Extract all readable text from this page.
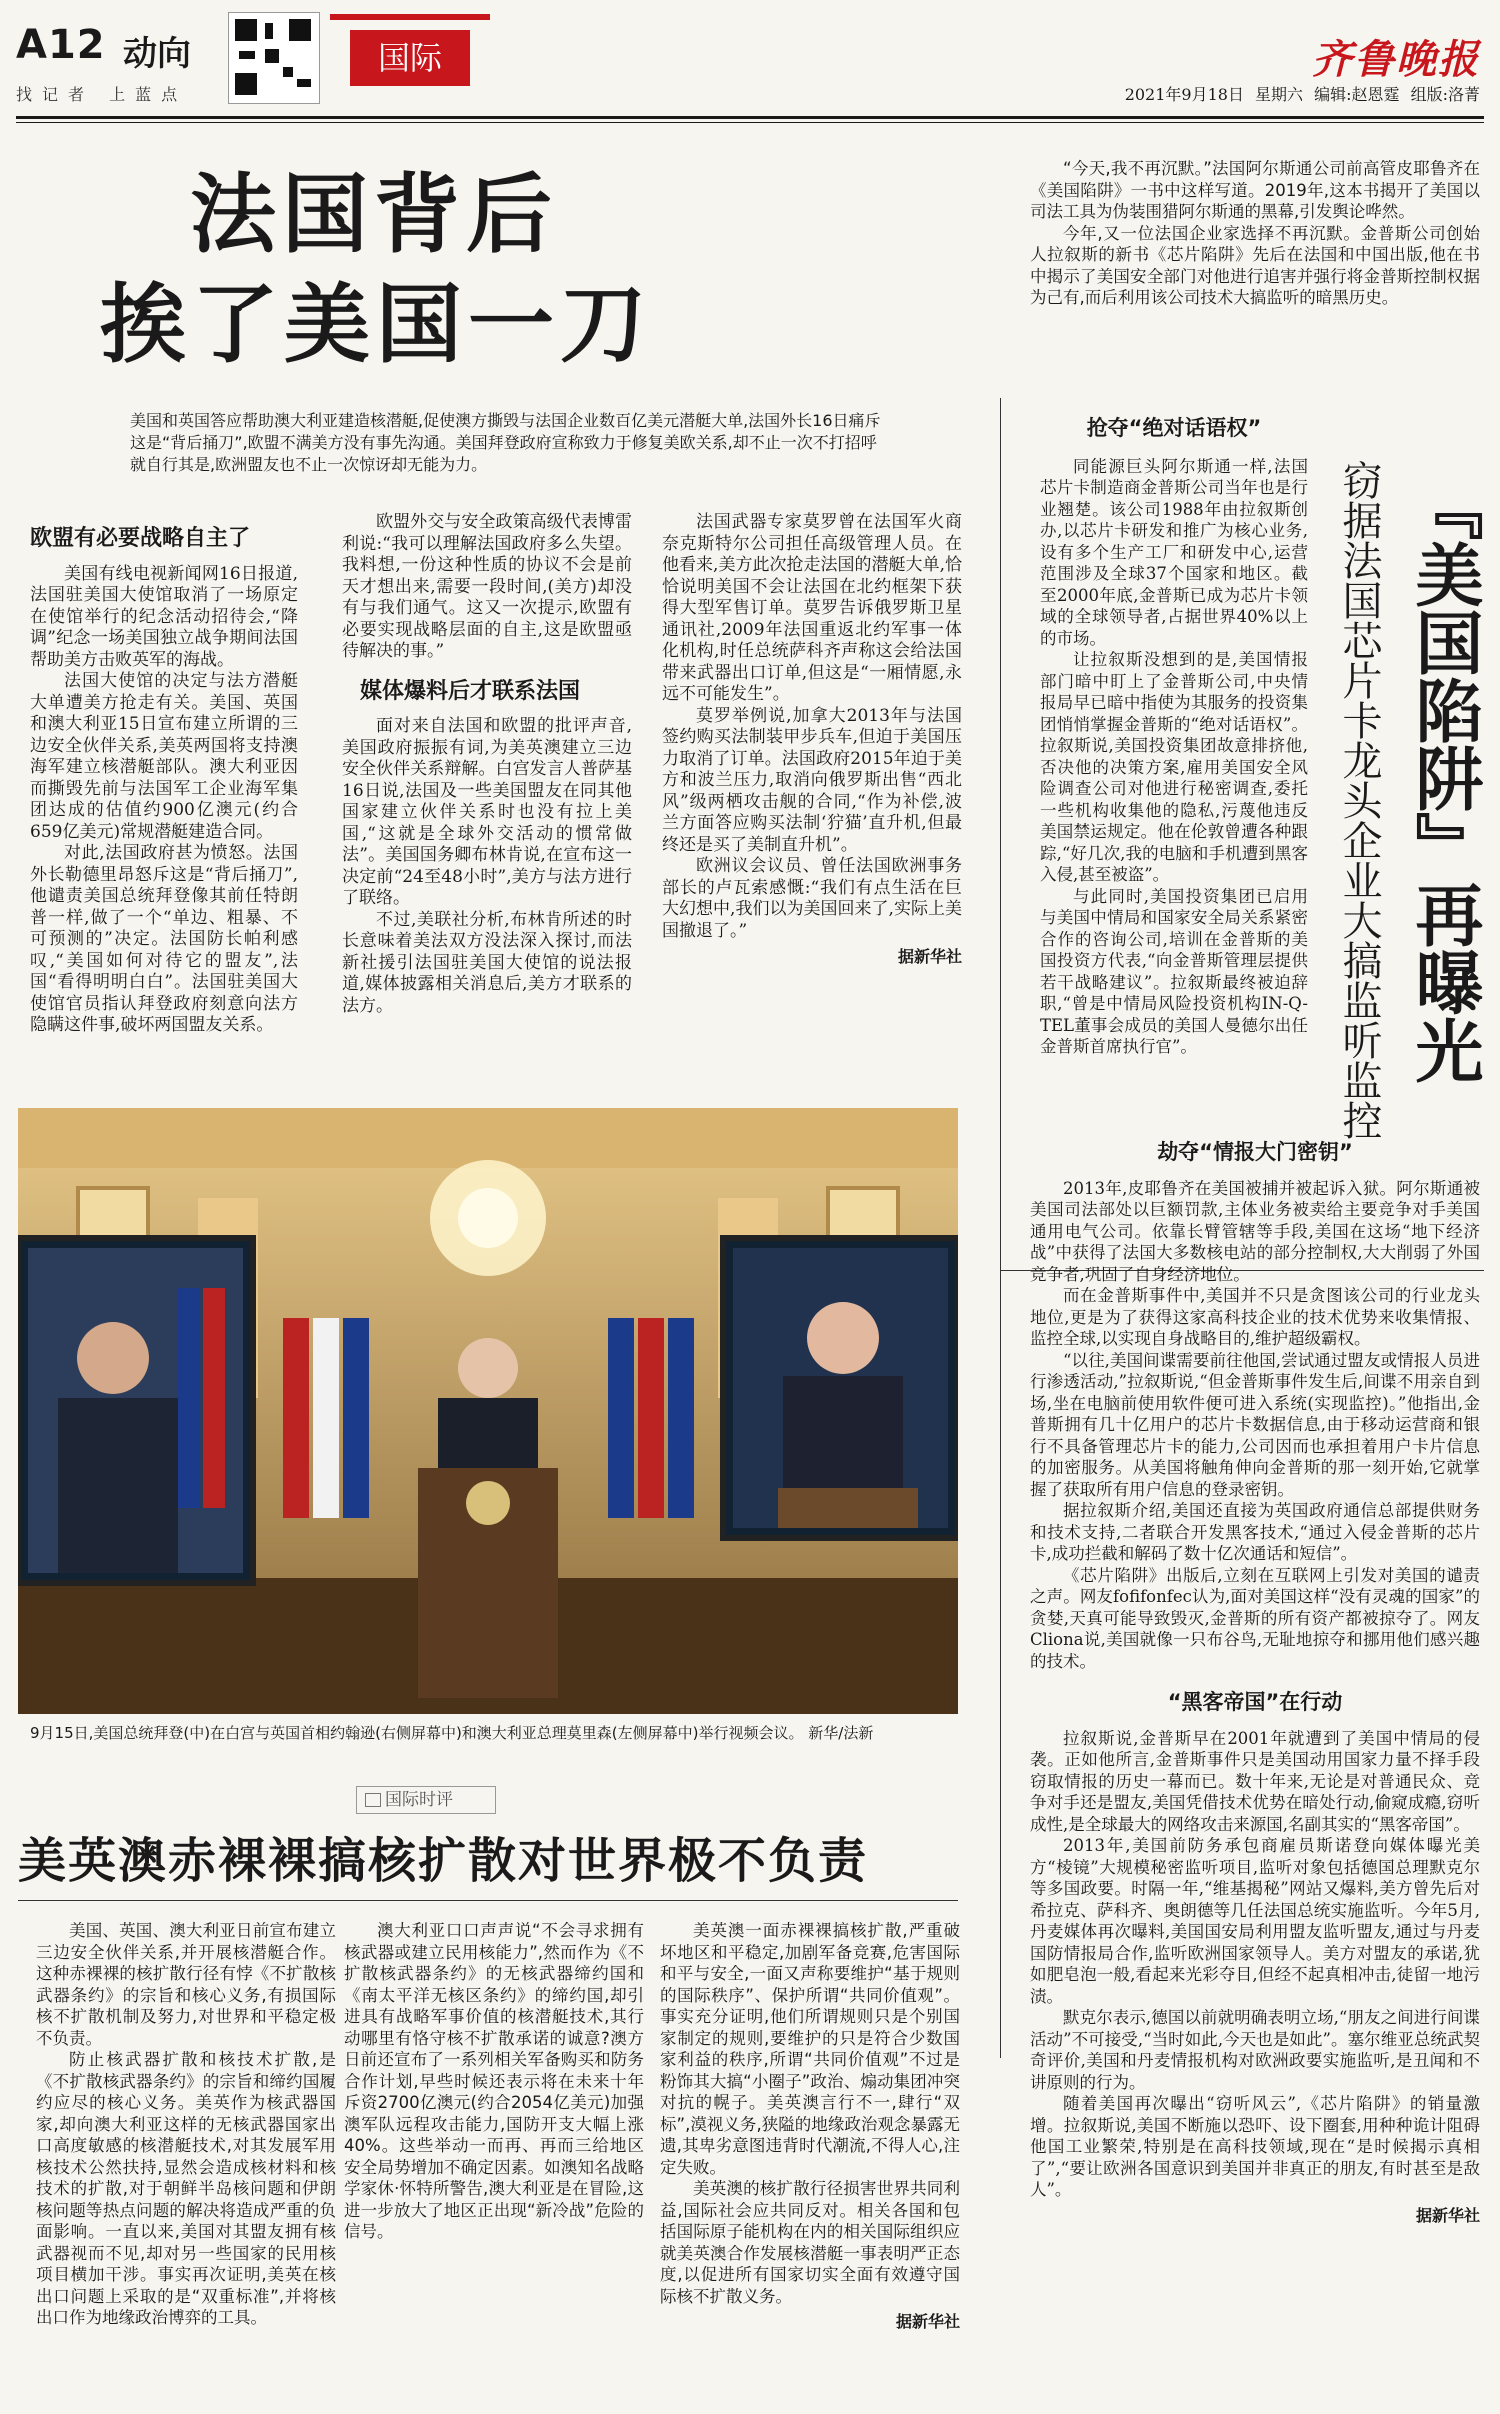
A12 动向
找记者 上蓝点
国际	齐鲁晚报
2021年9月18日 星期六 编辑:赵恩霆 组版:洛菁
法国背后
挨了美国一刀
美国和英国答应帮助澳大利亚建造核潜艇,促使澳方撕毁与法国企业数百亿美元潜艇大单,法国外长16日痛斥这是“背后捅刀”,欧盟不满美方没有事先沟通。美国拜登政府宣称致力于修复美欧关系,却不止一次不打招呼就自行其是,欧洲盟友也不止一次惊讶却无能为力。
欧盟有必要战略自主了

美国有线电视新闻网16日报道,法国驻美国大使馆取消了一场原定在使馆举行的纪念活动招待会,“降调”纪念一场美国独立战争期间法国帮助美方击败英军的海战。

法国大使馆的决定与法方潜艇大单遭美方抢走有关。美国、英国和澳大利亚15日宣布建立所谓的三边安全伙伴关系,美英两国将支持澳海军建立核潜艇部队。澳大利亚因而撕毁先前与法国军工企业海军集团达成的估值约900亿澳元(约合659亿美元)常规潜艇建造合同。

对此,法国政府甚为愤怒。法国外长勒德里昂怒斥这是“背后捅刀”,他谴责美国总统拜登像其前任特朗普一样,做了一个“单边、粗暴、不可预测的”决定。法国防长帕利感叹,“美国如何对待它的盟友”,法国“看得明明白白”。法国驻美国大使馆官员指认拜登政府刻意向法方隐瞒这件事,破坏两国盟友关系。

欧盟外交与安全政策高级代表博雷利说:“我可以理解法国政府多么失望。我料想,一份这种性质的协议不会是前天才想出来,需要一段时间,(美方)却没有与我们通气。这又一次提示,欧盟有必要实现战略层面的自主,这是欧盟亟待解决的事。”

媒体爆料后才联系法国

面对来自法国和欧盟的批评声音,美国政府振振有词,为美英澳建立三边安全伙伴关系辩解。白宫发言人普萨基16日说,法国及一些美国盟友在同其他国家建立伙伴关系时也没有拉上美国,“这就是全球外交活动的惯常做法”。美国国务卿布林肯说,在宣布这一决定前“24至48小时”,美方与法方进行了联络。

不过,美联社分析,布林肯所述的时长意味着美法双方没法深入探讨,而法新社援引法国驻美国大使馆的说法报道,媒体披露相关消息后,美方才联系的法方。

法国武器专家莫罗曾在法国军火商奈克斯特尔公司担任高级管理人员。在他看来,美方此次抢走法国的潜艇大单,恰恰说明美国不会让法国在北约框架下获得大型军售订单。莫罗告诉俄罗斯卫星通讯社,2009年法国重返北约军事一体化机构,时任总统萨科齐声称这会给法国带来武器出口订单,但这是“一厢情愿,永远不可能发生”。

莫罗举例说,加拿大2013年与法国签约购买法制装甲步兵车,但迫于美国压力取消了订单。法国政府2015年迫于美方和波兰压力,取消向俄罗斯出售“西北风”级两栖攻击舰的合同,“作为补偿,波兰方面答应购买法制‘狞猫’直升机,但最终还是买了美制直升机”。

欧洲议会议员、曾任法国欧洲事务部长的卢瓦索感慨:“我们有点生活在巨大幻想中,我们以为美国回来了,实际上美国撤退了。”

据新华社
9月15日,美国总统拜登(中)在白宫与英国首相约翰逊(右侧屏幕中)和澳大利亚总理莫里森(左侧屏幕中)举行视频会议。 新华/法新

“今天,我不再沉默。”法国阿尔斯通公司前高管皮耶鲁齐在《美国陷阱》一书中这样写道。2019年,这本书揭开了美国以司法工具为伪装围猎阿尔斯通的黑幕,引发舆论哗然。

今年,又一位法国企业家选择不再沉默。金普斯公司创始人拉叙斯的新书《芯片陷阱》先后在法国和中国出版,他在书中揭示了美国安全部门对他进行追害并强行将金普斯控制权据为己有,而后利用该公司技术大搞监听的暗黑历史。

『美国陷阱』再曝光
窃据法国芯片卡龙头企业大搞监听监控
抢夺“绝对话语权”

同能源巨头阿尔斯通一样,法国芯片卡制造商金普斯公司当年也是行业翘楚。该公司1988年由拉叙斯创办,以芯片卡研发和推广为核心业务,设有多个生产工厂和研发中心,运营范围涉及全球37个国家和地区。截至2000年底,金普斯已成为芯片卡领域的全球领导者,占据世界40%以上的市场。

让拉叙斯没想到的是,美国情报部门暗中盯上了金普斯公司,中央情报局早已暗中指使为其服务的投资集团悄悄掌握金普斯的“绝对话语权”。拉叙斯说,美国投资集团故意排挤他,否决他的决策方案,雇用美国安全风险调查公司对他进行秘密调查,委托一些机构收集他的隐私,污蔑他违反美国禁运规定。他在伦敦曾遭各种跟踪,“好几次,我的电脑和手机遭到黑客入侵,甚至被盗”。

与此同时,美国投资集团已启用与美国中情局和国家安全局关系紧密合作的咨询公司,培训在金普斯的美国投资方代表,“向金普斯管理层提供若干战略建议”。拉叙斯最终被迫辞职,“曾是中情局风险投资机构IN-Q-TEL董事会成员的美国人曼德尔出任金普斯首席执行官”。

劫夺“情报大门密钥”

2013年,皮耶鲁齐在美国被捕并被起诉入狱。阿尔斯通被美国司法部处以巨额罚款,主体业务被卖给主要竞争对手美国通用电气公司。依靠长臂管辖等手段,美国在这场“地下经济战”中获得了法国大多数核电站的部分控制权,大大削弱了外国竞争者,巩固了自身经济地位。

而在金普斯事件中,美国并不只是贪图该公司的行业龙头地位,更是为了获得这家高科技企业的技术优势来收集情报、监控全球,以实现自身战略目的,维护超级霸权。

“以往,美国间谍需要前往他国,尝试通过盟友或情报人员进行渗透活动,”拉叙斯说,“但金普斯事件发生后,间谍不用亲自到场,坐在电脑前使用软件便可进入系统(实现监控)。”他指出,金普斯拥有几十亿用户的芯片卡数据信息,由于移动运营商和银行不具备管理芯片卡的能力,公司因而也承担着用户卡片信息的加密服务。从美国将触角伸向金普斯的那一刻开始,它就掌握了获取所有用户信息的登录密钥。

据拉叙斯介绍,美国还直接为英国政府通信总部提供财务和技术支持,二者联合开发黑客技术,“通过入侵金普斯的芯片卡,成功拦截和解码了数十亿次通话和短信”。

《芯片陷阱》出版后,立刻在互联网上引发对美国的谴责之声。网友fofifonfec认为,面对美国这样“没有灵魂的国家”的贪婪,天真可能导致毁灭,金普斯的所有资产都被掠夺了。网友Cliona说,美国就像一只布谷鸟,无耻地掠夺和挪用他们感兴趣的技术。

“黑客帝国”在行动

拉叙斯说,金普斯早在2001年就遭到了美国中情局的侵袭。正如他所言,金普斯事件只是美国动用国家力量不择手段窃取情报的历史一幕而已。数十年来,无论是对普通民众、竞争对手还是盟友,美国凭借技术优势在暗处行动,偷窥成瘾,窃听成性,是全球最大的网络攻击来源国,名副其实的“黑客帝国”。

2013年,美国前防务承包商雇员斯诺登向媒体曝光美方“棱镜”大规模秘密监听项目,监听对象包括德国总理默克尔等多国政要。时隔一年,“维基揭秘”网站又爆料,美方曾先后对希拉克、萨科齐、奥朗德等几任法国总统实施监听。今年5月,丹麦媒体再次曝料,美国国安局利用盟友监听盟友,通过与丹麦国防情报局合作,监听欧洲国家领导人。美方对盟友的承诺,犹如肥皂泡一般,看起来光彩夺目,但经不起真相冲击,徒留一地污渍。

默克尔表示,德国以前就明确表明立场,“朋友之间进行间谍活动”不可接受,“当时如此,今天也是如此”。塞尔维亚总统武契奇评价,美国和丹麦情报机构对欧洲政要实施监听,是丑闻和不讲原则的行为。

随着美国再次曝出“窃听风云”,《芯片陷阱》的销量激增。拉叙斯说,美国不断施以恐吓、设下圈套,用种种诡计阻碍他国工业繁荣,特别是在高科技领域,现在“是时候揭示真相了”,“要让欧洲各国意识到美国并非真正的朋友,有时甚至是敌人”。

据新华社
国际时评
美英澳赤裸裸搞核扩散对世界极不负责

美国、英国、澳大利亚日前宣布建立三边安全伙伴关系,并开展核潜艇合作。这种赤裸裸的核扩散行径有悖《不扩散核武器条约》的宗旨和核心义务,有损国际核不扩散机制及努力,对世界和平稳定极不负责。

防止核武器扩散和核技术扩散,是《不扩散核武器条约》的宗旨和缔约国履约应尽的核心义务。美英作为核武器国家,却向澳大利亚这样的无核武器国家出口高度敏感的核潜艇技术,对其发展军用核技术公然扶持,显然会造成核材料和核技术的扩散,对于朝鲜半岛核问题和伊朗核问题等热点问题的解决将造成严重的负面影响。一直以来,美国对其盟友拥有核武器视而不见,却对另一些国家的民用核项目横加干涉。事实再次证明,美英在核出口问题上采取的是“双重标准”,并将核出口作为地缘政治博弈的工具。

澳大利亚口口声声说“不会寻求拥有核武器或建立民用核能力”,然而作为《不扩散核武器条约》的无核武器缔约国和《南太平洋无核区条约》的缔约国,却引进具有战略军事价值的核潜艇技术,其行动哪里有恪守核不扩散承诺的诚意?澳方日前还宣布了一系列相关军备购买和防务合作计划,早些时候还表示将在未来十年斥资2700亿澳元(约合2054亿美元)加强澳军队远程攻击能力,国防开支大幅上涨40%。这些举动一而再、再而三给地区安全局势增加不确定因素。如澳知名战略学家休·怀特所警告,澳大利亚是在冒险,这进一步放大了地区正出现“新冷战”危险的信号。

美英澳一面赤裸裸搞核扩散,严重破坏地区和平稳定,加剧军备竞赛,危害国际和平与安全,一面又声称要维护“基于规则的国际秩序”、保护所谓“共同价值观”。事实充分证明,他们所谓规则只是个别国家制定的规则,要维护的只是符合少数国家利益的秩序,所谓“共同价值观”不过是粉饰其大搞“小圈子”政治、煽动集团冲突对抗的幌子。美英澳言行不一,肆行“双标”,漠视义务,狭隘的地缘政治观念暴露无遗,其卑劣意图违背时代潮流,不得人心,注定失败。

美英澳的核扩散行径损害世界共同利益,国际社会应共同反对。相关各国和包括国际原子能机构在内的相关国际组织应就美英澳合作发展核潜艇一事表明严正态度,以促进所有国家切实全面有效遵守国际核不扩散义务。

据新华社
